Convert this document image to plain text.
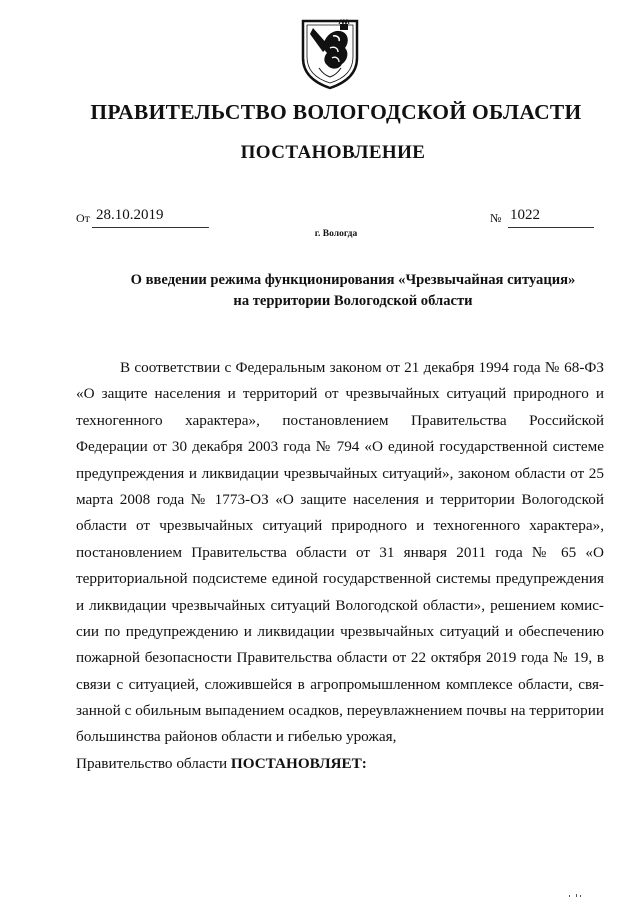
ПРАВИТЕЛЬСТВО ВОЛОГОДСКОЙ ОБЛАСТИ
ПОСТАНОВЛЕНИЕ
От 28.10.2019	№ 1022
г. Вологда
О введении режима функционирования «Чрезвычайная ситуация»
на территории Вологодской области
В соответствии с Федеральным законом от 21 декабря 1994 года № 68-ФЗ
«О защите населения и территорий от чрезвычайных ситуаций природного и
техногенного характера», постановлением Правительства Российской
Федерации от 30 декабря 2003 года № 794 «О единой государственной системе
предупреждения и ликвидации чрезвычайных ситуаций», законом области от 25
марта 2008 года № 1773-ОЗ «О защите населения и территории Вологодской
области от чрезвычайных ситуаций природного и техногенного характера»,
постановлением Правительства области от 31 января 2011 года № 65 «О
территориальной подсистеме единой государственной системы предупреждения
и ликвидации чрезвычайных ситуаций Вологодской области», решением комис-
сии по предупреждению и ликвидации чрезвычайных ситуаций и обеспечению
пожарной безопасности Правительства области от 22 октября 2019 года № 19, в
связи с ситуацией, сложившейся в агропромышленном комплексе области, свя-
занной с обильным выпадением осадков, переувлажнением почвы на территории
большинства районов области и гибелью урожая,
Правительство области ПОСТАНОВЛЯЕТ:
